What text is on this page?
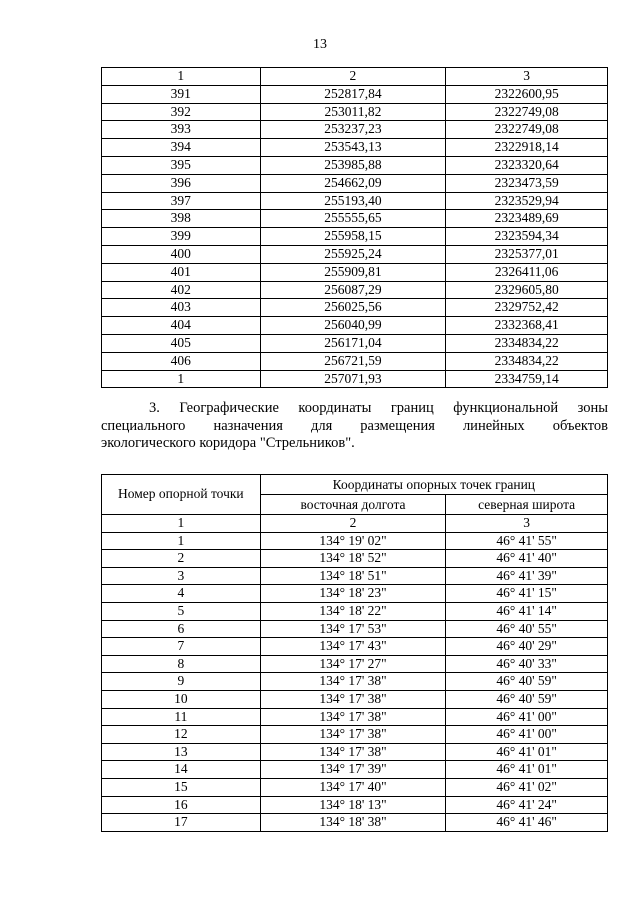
13
1	2	3
391	252817,84	2322600,95
392	253011,82	2322749,08
393	253237,23	2322749,08
394	253543,13	2322918,14
395	253985,88	2323320,64
396	254662,09	2323473,59
397	255193,40	2323529,94
398	255555,65	2323489,69
399	255958,15	2323594,34
400	255925,24	2325377,01
401	255909,81	2326411,06
402	256087,29	2329605,80
403	256025,56	2329752,42
404	256040,99	2332368,41
405	256171,04	2334834,22
406	256721,59	2334834,22
1	257071,93	2334759,14
3. Географические координаты границ функциональной зоны
специального назначения для размещения линейных объектов
экологического коридора "Стрельников".
Номер опорной точки	Координаты опорных точек границ	
	восточная долгота	северная широта
1	2	3
1	134° 19' 02"	46° 41' 55"
2	134° 18' 52"	46° 41' 40"
3	134° 18' 51"	46° 41' 39"
4	134° 18' 23"	46° 41' 15"
5	134° 18' 22"	46° 41' 14"
6	134° 17' 53"	46° 40' 55"
7	134° 17' 43"	46° 40' 29"
8	134° 17' 27"	46° 40' 33"
9	134° 17' 38"	46° 40' 59"
10	134° 17' 38"	46° 40' 59"
11	134° 17' 38"	46° 41' 00"
12	134° 17' 38"	46° 41' 00"
13	134° 17' 38"	46° 41' 01"
14	134° 17' 39"	46° 41' 01"
15	134° 17' 40"	46° 41' 02"
16	134° 18' 13"	46° 41' 24"
17	134° 18' 38"	46° 41' 46"
